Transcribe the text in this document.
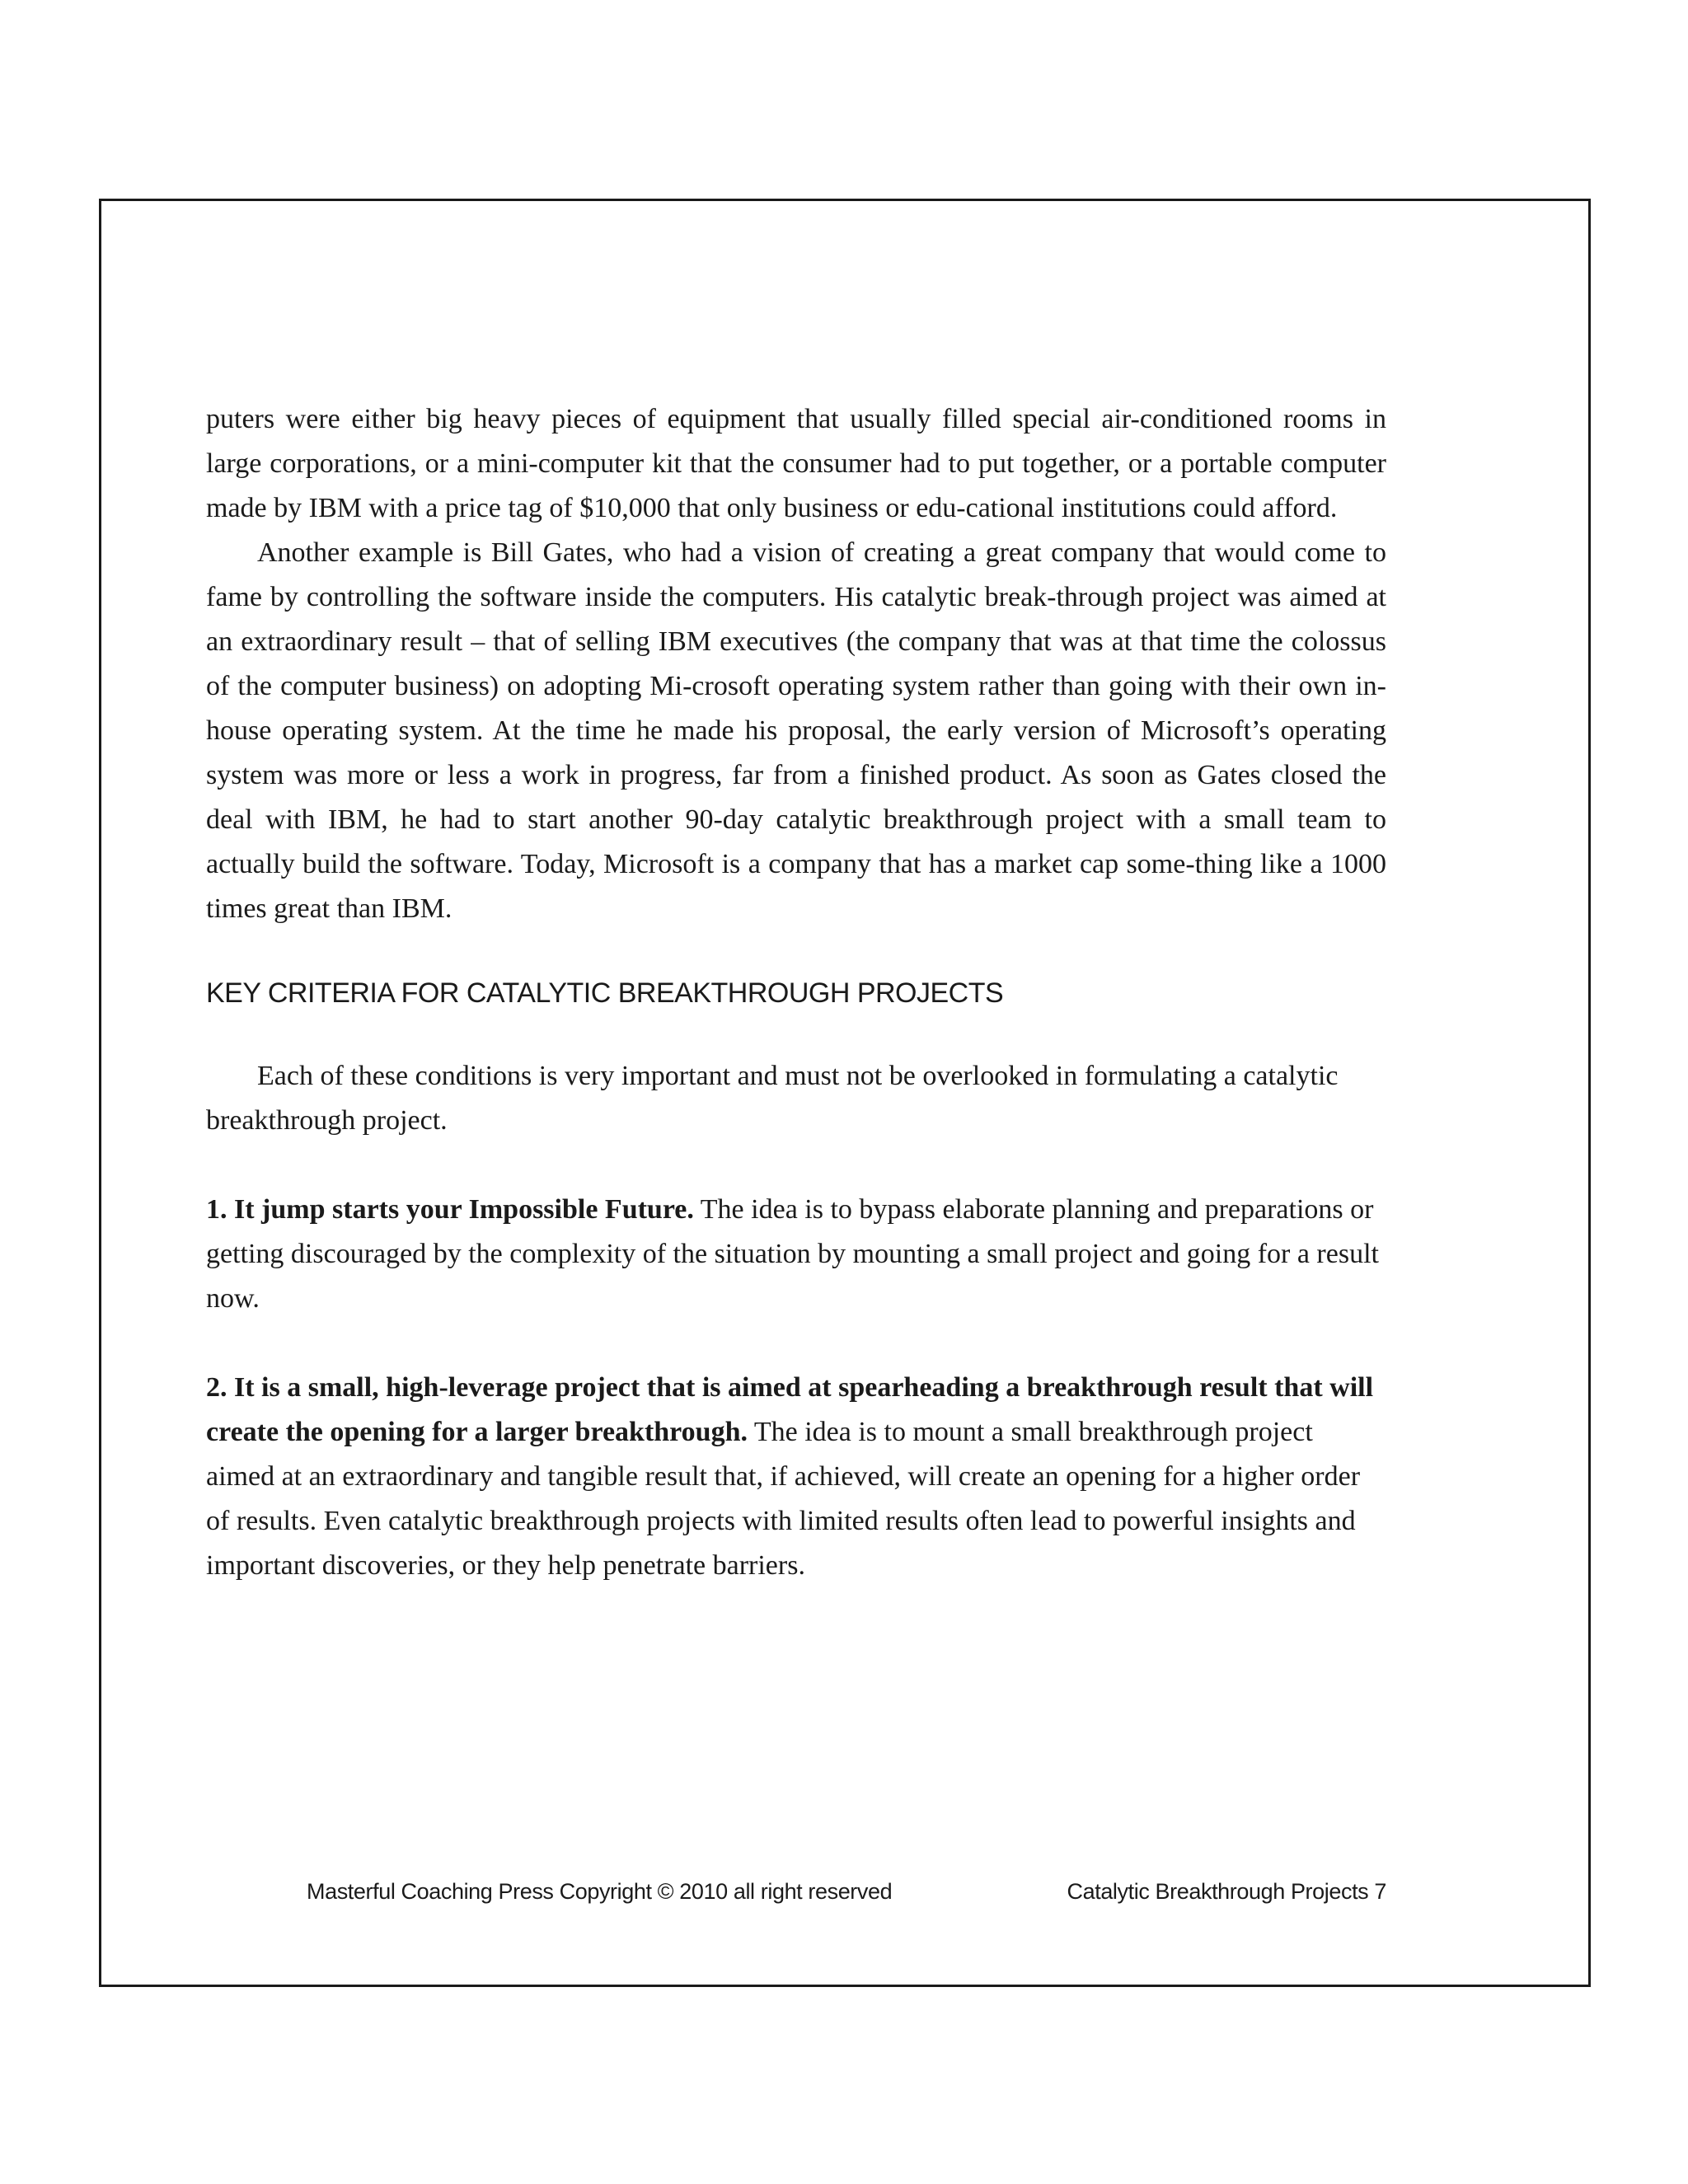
puters were either big heavy pieces of equipment that usually filled special air-conditioned rooms in large corporations, or a mini-computer kit that the consumer had to put together, or a portable computer made by IBM with a price tag of $10,000 that only business or edu-cational institutions could afford.

Another example is Bill Gates, who had a vision of creating a great company that would come to fame by controlling the software inside the computers. His catalytic break-through project was aimed at an extraordinary result – that of selling IBM executives (the company that was at that time the colossus of the computer business) on adopting Mi-crosoft operating system rather than going with their own in-house operating system. At the time he made his proposal, the early version of Microsoft’s operating system was more or less a work in progress, far from a finished product. As soon as Gates closed the deal with IBM, he had to start another 90-day catalytic breakthrough project with a small team to actually build the software. Today, Microsoft is a company that has a market cap some-thing like a 1000 times great than IBM.

KEY CRITERIA FOR CATALYTIC BREAKTHROUGH PROJECTS

Each of these conditions is very important and must not be overlooked in formulating a catalytic breakthrough project.

1. It jump starts your Impossible Future. The idea is to bypass elaborate planning and preparations or getting discouraged by the complexity of the situation by mounting a small project and going for a result now.

2. It is a small, high-leverage project that is aimed at spearheading a breakthrough result that will create the opening for a larger breakthrough. The idea is to mount a small breakthrough project aimed at an extraordinary and tangible result that, if achieved, will create an opening for a higher order of results. Even catalytic breakthrough projects with limited results often lead to powerful insights and important discoveries, or they help penetrate barriers.

Masterful Coaching Press Copyright © 2010 all right reserved	Catalytic Breakthrough Projects 7
